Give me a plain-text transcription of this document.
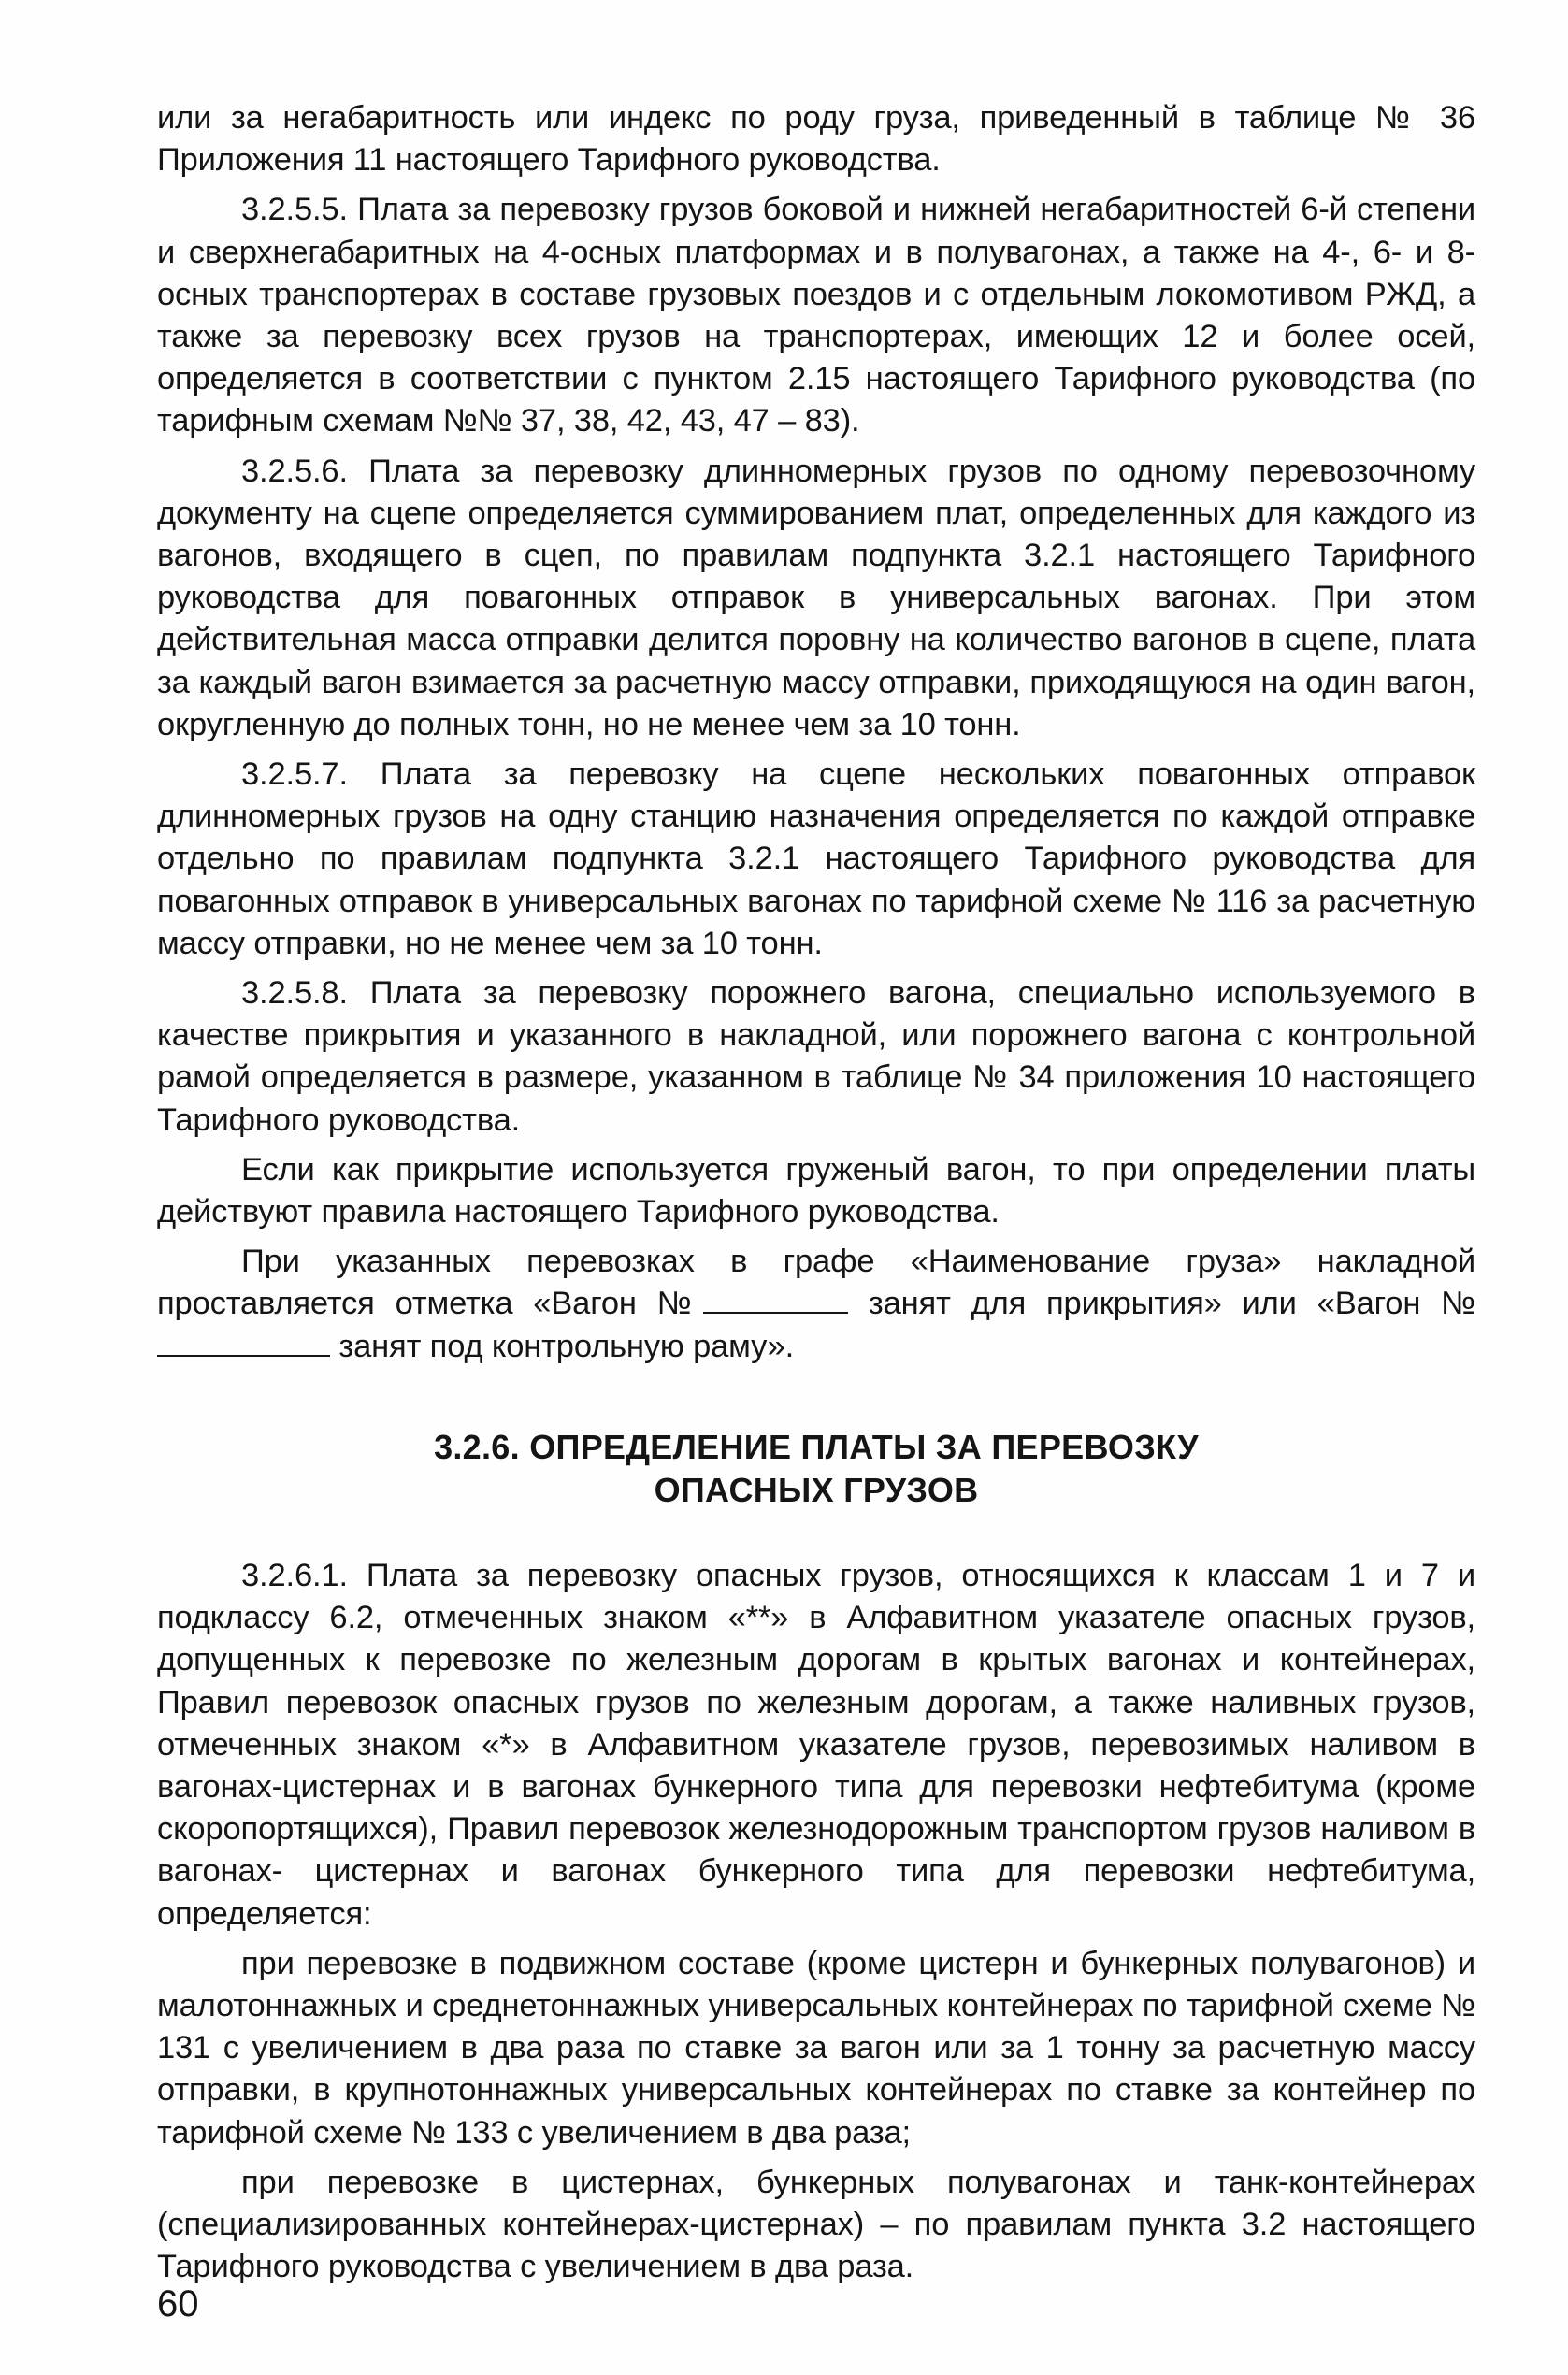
или за негабаритность или индекс по роду груза, приведенный в таблице № 36 Приложения 11 настоящего Тарифного руководства.

3.2.5.5. Плата за перевозку грузов боковой и нижней негабаритностей 6-й степени и сверхнегабаритных на 4-осных платформах и в полувагонах, а также на 4-, 6- и 8-осных транспортерах в составе грузовых поездов и с отдельным локомотивом РЖД, а также за перевозку всех грузов на транспортерах, имеющих 12 и более осей, определяется в соответствии с пунктом 2.15 настоящего Тарифного руководства (по тарифным схемам №№ 37, 38, 42, 43, 47 – 83).

3.2.5.6. Плата за перевозку длинномерных грузов по одному перевозочному документу на сцепе определяется суммированием плат, определенных для каждого из вагонов, входящего в сцеп, по правилам подпункта 3.2.1 настоящего Тарифного руководства для повагонных отправок в универсальных вагонах. При этом действительная масса отправки делится поровну на количество вагонов в сцепе, плата за каждый вагон взимается за расчетную массу отправки, приходящуюся на один вагон, округленную до полных тонн, но не менее чем за 10 тонн.

3.2.5.7. Плата за перевозку на сцепе нескольких повагонных отправок длинномерных грузов на одну станцию назначения определяется по каждой отправке отдельно по правилам подпункта 3.2.1 настоящего Тарифного руководства для повагонных отправок в универсальных вагонах по тарифной схеме № 116 за расчетную массу отправки, но не менее чем за 10 тонн.

3.2.5.8. Плата за перевозку порожнего вагона, специально используемого в качестве прикрытия и указанного в накладной, или порожнего вагона с контрольной рамой определяется в размере, указанном в таблице № 34 приложения 10 настоящего Тарифного руководства.

Если как прикрытие используется груженый вагон, то при определении платы действуют правила настоящего Тарифного руководства.

При указанных перевозках в графе «Наименование груза» накладной проставляется отметка «Вагон №	занят для прикрытия» или «Вагон № занят под контрольную раму».

3.2.6. ОПРЕДЕЛЕНИЕ ПЛАТЫ ЗА ПЕРЕВОЗКУ
ОПАСНЫХ ГРУЗОВ

3.2.6.1. Плата за перевозку опасных грузов, относящихся к классам 1 и 7 и подклассу 6.2, отмеченных знаком «**» в Алфавитном указателе опасных грузов, допущенных к перевозке по железным дорогам в крытых вагонах и контейнерах, Правил перевозок опасных грузов по железным дорогам, а также наливных грузов, отмеченных знаком «*» в Алфавитном указателе грузов, перевозимых наливом в вагонах-цистернах и в вагонах бункерного типа для перевозки нефтебитума (кроме скоропортящихся), Правил перевозок железнодорожным транспортом грузов наливом в вагонах- цистернах и вагонах бункерного типа для перевозки нефтебитума, определяется:

при перевозке в подвижном составе (кроме цистерн и бункерных полувагонов) и малотоннажных и среднетоннажных универсальных контейнерах по тарифной схеме № 131 с увеличением в два раза по ставке за вагон или за 1 тонну за расчетную массу отправки, в крупнотоннажных универсальных контейнерах по ставке за контейнер по тарифной схеме № 133 с увеличением в два раза;

при перевозке в цистернах, бункерных полувагонах и танк-контейнерах (специализированных контейнерах-цистернах) – по правилам пункта 3.2 настоящего Тарифного руководства с увеличением в два раза.

60
